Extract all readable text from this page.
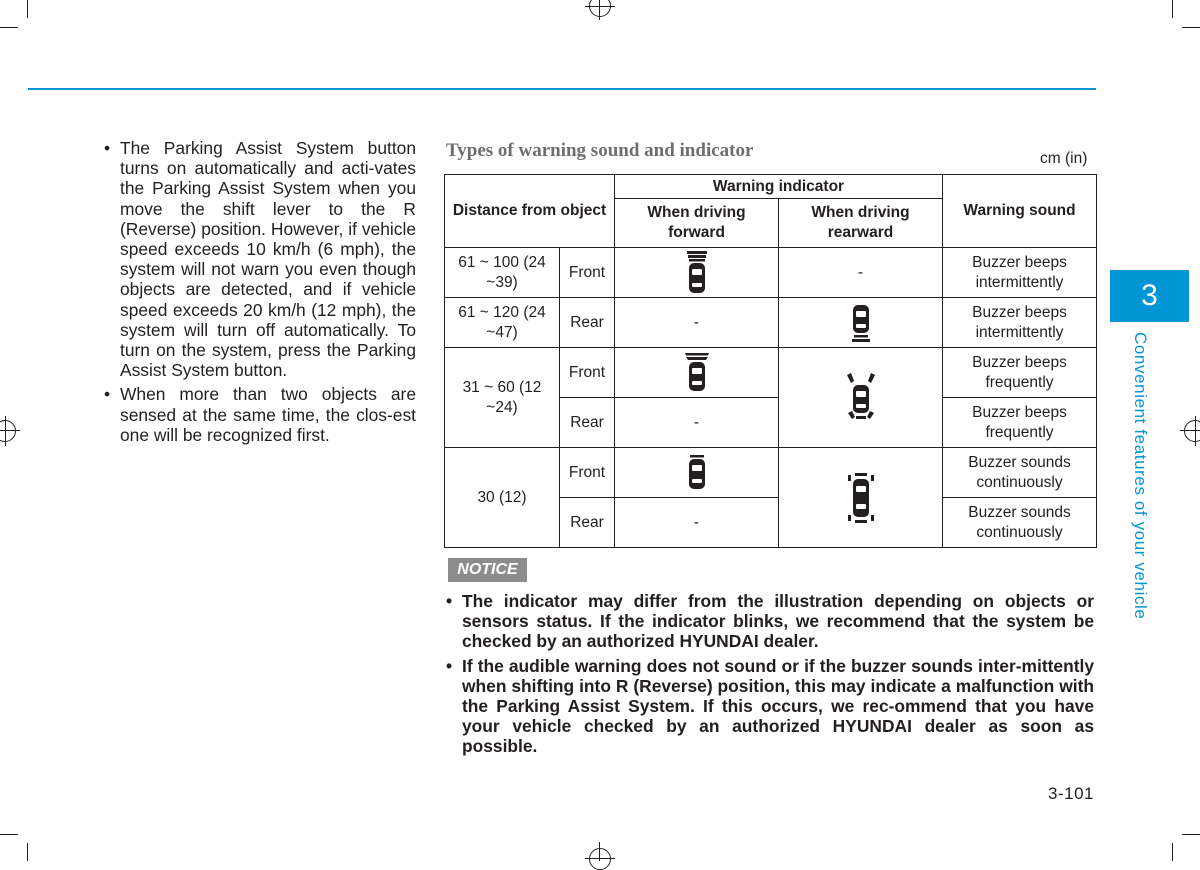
• The Parking Assist System button turns on automatically and acti-vates the Parking Assist System when you move the shift lever to the R (Reverse) position. However, if vehicle speed exceeds 10 km/h (6 mph), the system will not warn you even though objects are detected, and if vehicle speed exceeds 20 km/h (12 mph), the system will turn off automatically. To turn on the system, press the Parking Assist System button.
• When more than two objects are sensed at the same time, the clos-est one will be recognized first.
Types of warning sound and indicator	cm (in)
Distance from object		Warning indicator		Warning sound
		When driving forward	When driving rearward	
61 ~ 100 (24 ~39)	Front		-	Buzzer beeps intermittently
61 ~ 120 (24 ~47)	Rear	-		Buzzer beeps intermittently
31 ~ 60 (12 ~24)	Front			Buzzer beeps frequently
	Rear	-		Buzzer beeps frequently
30 (12)	Front			Buzzer sounds continuously
	Rear	-		Buzzer sounds continuously
NOTICE
• The indicator may differ from the illustration depending on objects or sensors status. If the indicator blinks, we recommend that the system be checked by an authorized HYUNDAI dealer.
• If the audible warning does not sound or if the buzzer sounds inter-mittently when shifting into R (Reverse) position, this may indicate a malfunction with the Parking Assist System. If this occurs, we rec-ommend that you have your vehicle checked by an authorized HYUNDAI dealer as soon as possible.
3-101
3
Convenient features of your vehicle
